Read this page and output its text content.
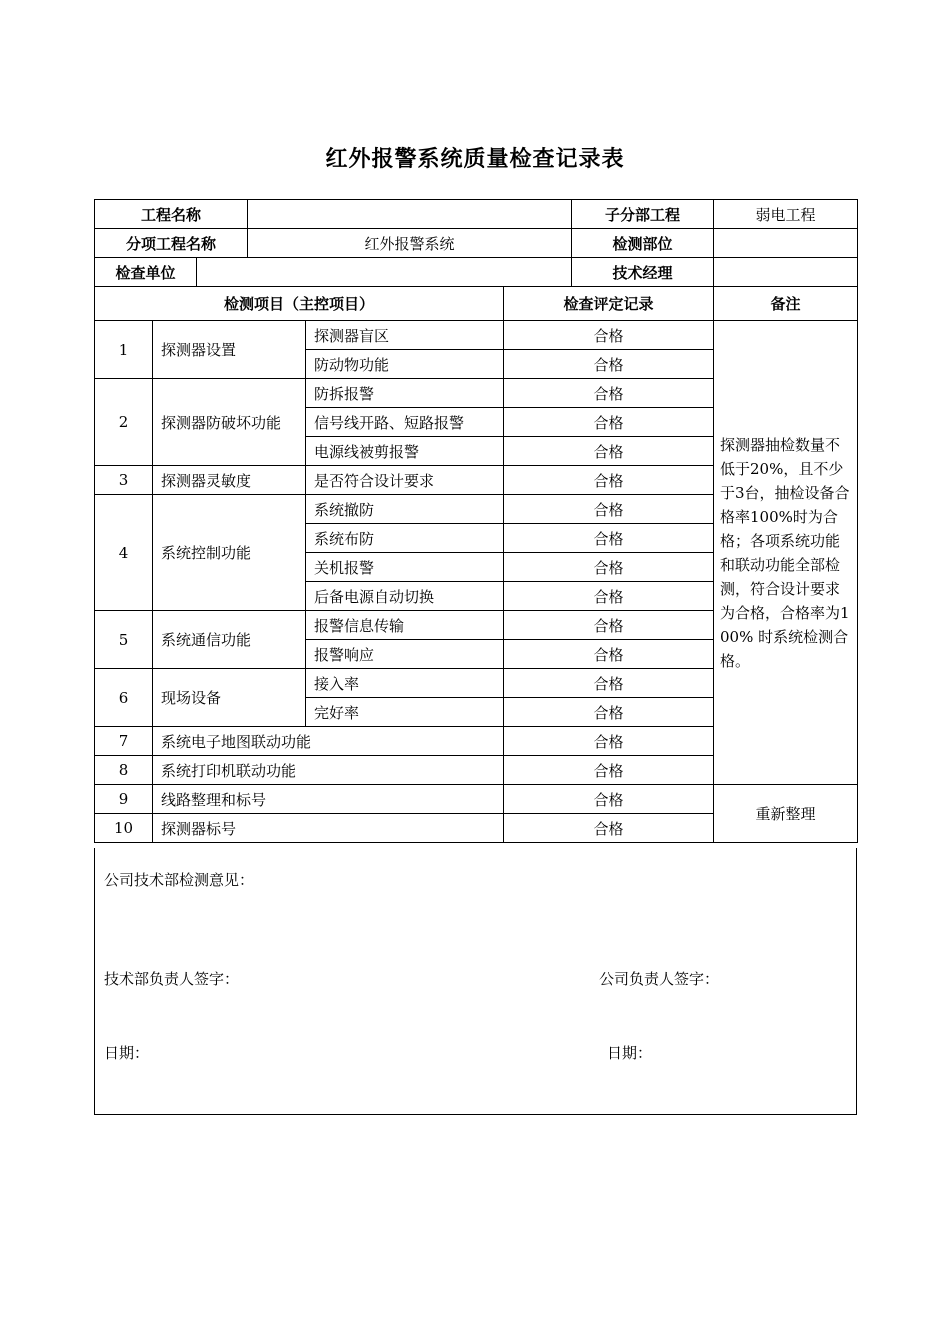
红外报警系统质量检查记录表
工程名称		子分部工程	弱电工程
分项工程名称	红外报警系统	检测部位	
检查单位		技术经理	
检测项目（主控项目）			检查评定记录	备注
1	探测器设置	探测器盲区	合格	探测器抽检数量不低于20%，且不少于3台，抽检设备合格率100%时为合格；各项系统功能和联动功能全部检测，符合设计要求为合格，合格率为100% 时系统检测合格。
		防动物功能	合格	
2	探测器防破坏功能	防拆报警	合格	
		信号线开路、短路报警	合格	
		电源线被剪报警	合格	
3	探测器灵敏度	是否符合设计要求	合格	
4	系统控制功能	系统撤防	合格	
		系统布防	合格	
		关机报警	合格	
		后备电源自动切换	合格	
5	系统通信功能	报警信息传输	合格	
		报警响应	合格	
6	现场设备	接入率	合格	
		完好率	合格	
7	系统电子地图联动功能		合格	
8	系统打印机联动功能		合格	
9	线路整理和标号		合格	重新整理
10	探测器标号		合格	
公司技术部检测意见：
技术部负责人签字：	公司负责人签字：
日期：	日期：
